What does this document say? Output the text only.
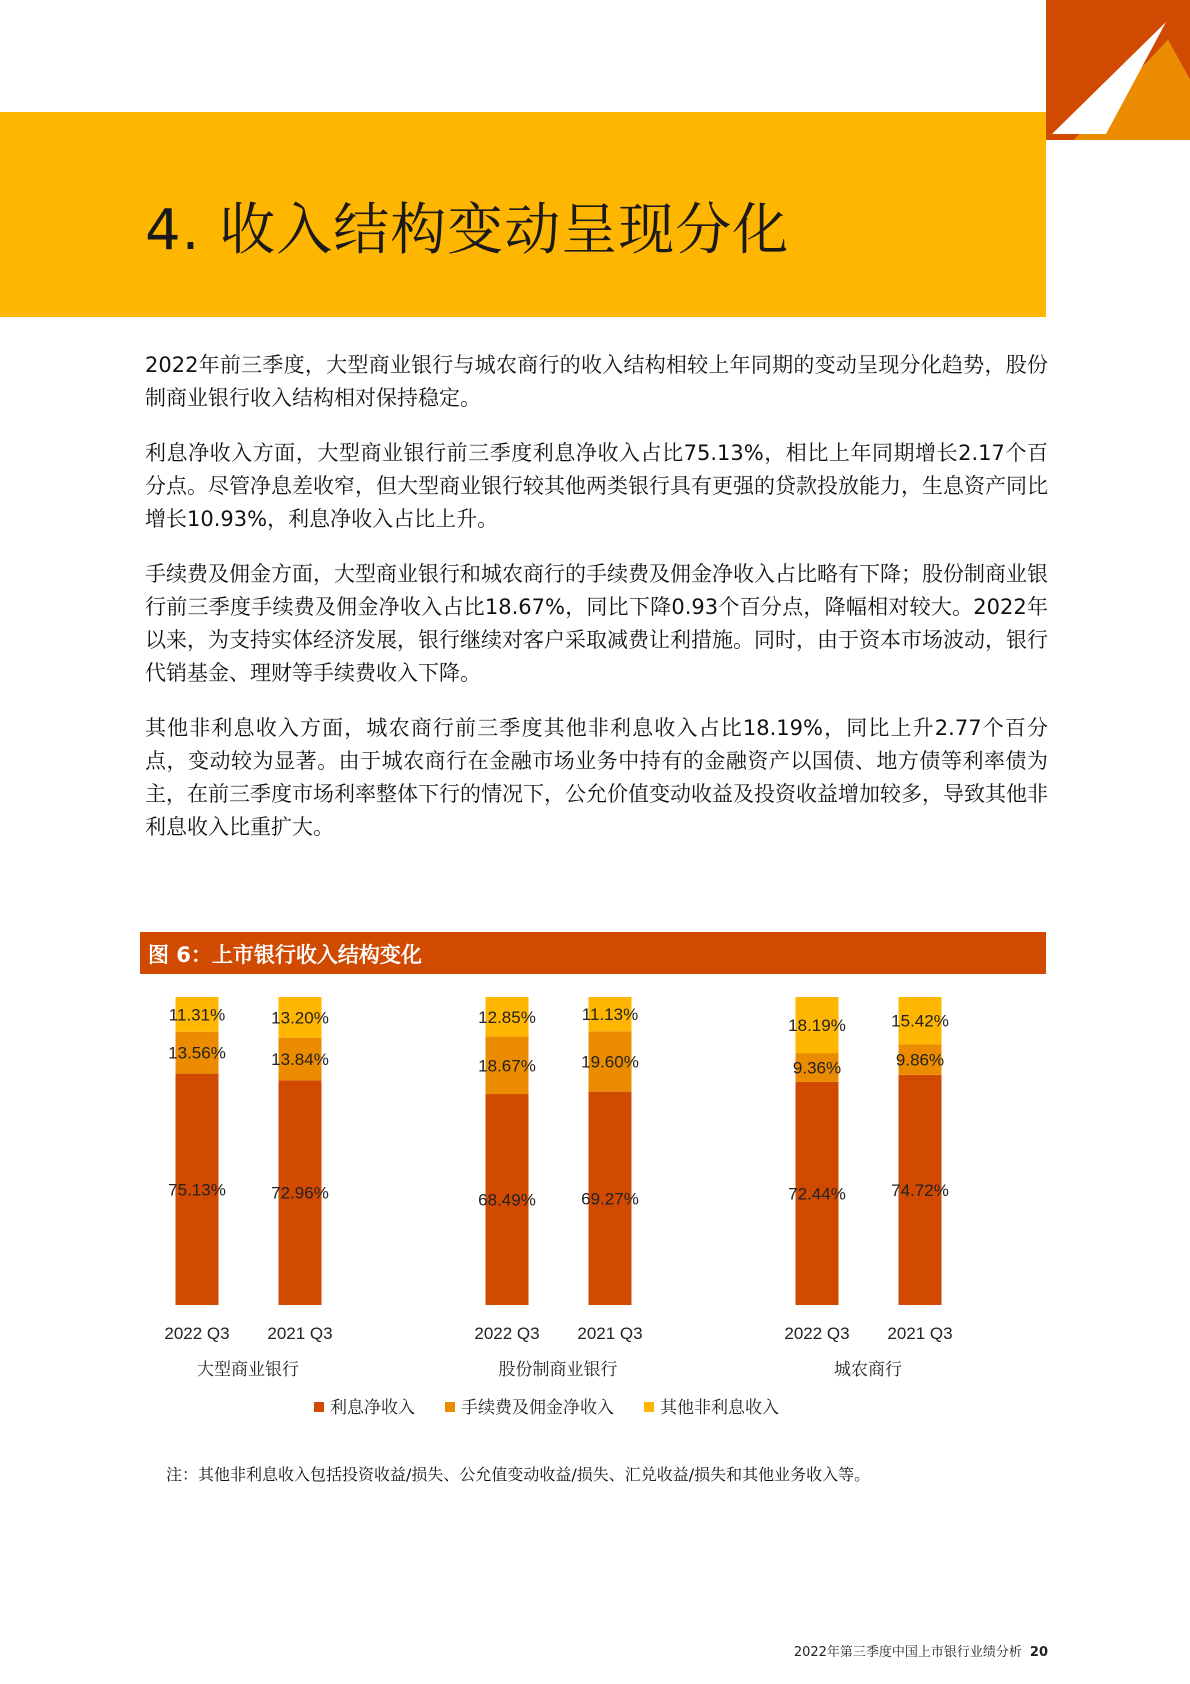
4. 收入结构变动呈现分化

2022年前三季度，大型商业银行与城农商行的收入结构相较上年同期的变动呈现分化趋势，股份制商业银行收入结构相对保持稳定。

利息净收入方面，大型商业银行前三季度利息净收入占比75.13%，相比上年同期增长2.17个百分点。尽管净息差收窄，但大型商业银行较其他两类银行具有更强的贷款投放能力，生息资产同比增长10.93%，利息净收入占比上升。

手续费及佣金方面，大型商业银行和城农商行的手续费及佣金净收入占比略有下降；股份制商业银行前三季度手续费及佣金净收入占比18.67%，同比下降0.93个百分点，降幅相对较大。2022年以来，为支持实体经济发展，银行继续对客户采取减费让利措施。同时，由于资本市场波动，银行代销基金、理财等手续费收入下降。

其他非利息收入方面，城农商行前三季度其他非利息收入占比18.19%，同比上升2.77个百分点，变动较为显著。由于城农商行在金融市场业务中持有的金融资产以国债、地方债等利率债为主，在前三季度市场利率整体下行的情况下，公允价值变动收益及投资收益增加较多，导致其他非利息收入比重扩大。

图 6：上市银行收入结构变化
75.13%
13.56%
11.31%
2022 Q3
72.96%
13.84%
13.20%
2021 Q3
68.49%
18.67%
12.85%
2022 Q3
69.27%
19.60%
11.13%
2021 Q3
72.44%
9.36%
18.19%
2022 Q3
74.72%
9.86%
15.42%
2021 Q3
大型商业银行	股份制商业银行	城农商行
利息净收入	手续费及佣金净收入	其他非利息收入
注：其他非利息收入包括投资收益/损失、公允值变动收益/损失、汇兑收益/损失和其他业务收入等。
2022年第三季度中国上市银行业绩分析 20
